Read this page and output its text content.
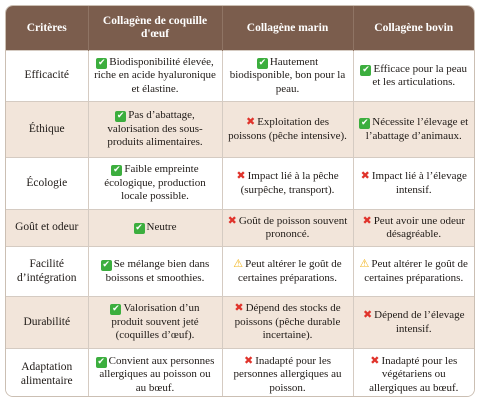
Critères	Collagène de coquille d'œuf	Collagène marin	Collagène bovin
Efficacité	✔ Biodisponibilité élevée, riche en acide hyaluronique et élastine.	✔ Hautement biodisponible, bon pour la peau.	✔ Efficace pour la peau et les articulations.
Éthique	✔ Pas d’abattage, valorisation des sous-produits alimentaires.	✖ Exploitation des poissons (pêche intensive).	✔ Nécessite l’élevage et l’abattage d’animaux.
Écologie	✔ Faible empreinte écologique, production locale possible.	✖ Impact lié à la pêche (surpêche, transport).	✖ Impact lié à l’élevage intensif.
Goût et odeur	✔ Neutre	✖ Goût de poisson souvent prononcé.	✖ Peut avoir une odeur désagréable.
Facilité d’intégration	✔ Se mélange bien dans boissons et smoothies.	⚠ Peut altérer le goût de certaines préparations.	⚠ Peut altérer le goût de certaines préparations.
Durabilité	✔ Valorisation d’un produit souvent jeté (coquilles d’œuf).	✖ Dépend des stocks de poissons (pêche durable incertaine).	✖ Dépend de l’élevage intensif.
Adaptation alimentaire	✔ Convient aux personnes allergiques au poisson ou au bœuf.	✖ Inadapté pour les personnes allergiques au poisson.	✖ Inadapté pour les végétariens ou allergiques au bœuf.
